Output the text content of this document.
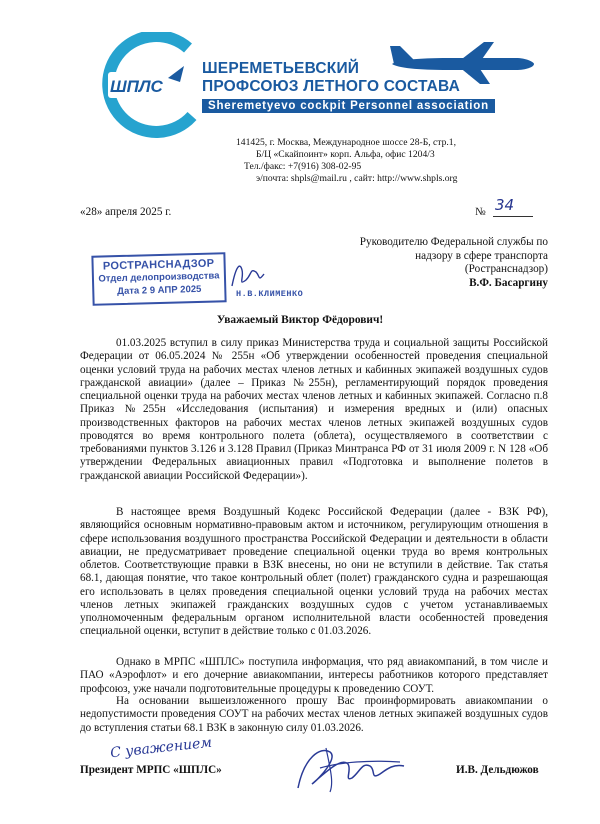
ШПЛС
ШЕРЕМЕТЬЕВСКИЙ
ПРОФСОЮЗ ЛЕТНОГО СОСТАВА
Sheremetyevo cockpit Personnel association
141425, г. Москва, Международное шоссе 28-Б, стр.1,
Б/Ц «Скайпоинт» корп. Альфа, офис 1204/3
Тел./факс: +7(916) 308-02-95
э/почта: shpls@mail.ru , сайт: http://www.shpls.org
«28» апреля 2025 г.	№ 34
Руководителю Федеральной службы по
надзору в сфере транспорта
(Ространснадзор)
В.Ф. Басаргину
РОСТРАНСНАДЗОР
Отдел делопроизводства
Дата 2 9 АПР 2025	Н.В.КЛИМЕНКО
Уважаемый Виктор Фёдорович!

01.03.2025 вступил в силу приказ Министерства труда и социальной защиты Российской Федерации от 06.05.2024 № 255н «Об утверждении особенностей проведения специальной оценки условий труда на рабочих местах членов летных и кабинных экипажей воздушных судов гражданской авиации» (далее – Приказ №255н), регламентирующий порядок проведения специальной оценки труда на рабочих местах членов летных и кабинных экипажей. Согласно п.8 Приказ №255н «Исследования (испытания) и измерения вредных и (или) опасных производственных факторов на рабочих местах членов летных экипажей воздушных судов проводятся во время контрольного полета (облета), осуществляемого в соответствии с требованиями пунктов 3.126 и 3.128 Правил (Приказ Минтранса РФ от 31 июля 2009 г. N 128 «Об утверждении Федеральных авиационных правил «Подготовка и выполнение полетов в гражданской авиации Российской Федерации»).

В настоящее время Воздушный Кодекс Российской Федерации (далее - ВЗК РФ), являющийся основным нормативно-правовым актом и источником, регулирующим отношения в сфере использования воздушного пространства Российской Федерации и деятельности в области авиации, не предусматривает проведение специальной оценки труда во время контрольных облетов. Соответствующие правки в ВЗК внесены, но они не вступили в действие. Так статья 68.1, дающая понятие, что такое контрольный облет (полет) гражданского судна и разрешающая его использовать в целях проведения специальной оценки условий труда на рабочих местах членов летных экипажей гражданских воздушных судов с учетом устанавливаемых уполномоченным федеральным органом исполнительной власти особенностей проведения специальной оценки, вступит в действие только с 01.03.2026.

Однако в МРПС «ШПЛС» поступила информация, что ряд авиакомпаний, в том числе и ПАО «Аэрофлот» и его дочерние авиакомпании, интересы работников которого представляет профсоюз, уже начали подготовительные процедуры к проведению СОУТ.

На основании вышеизложенного прошу Вас проинформировать авиакомпании о недопустимости проведения СОУТ на рабочих местах членов летных экипажей воздушных судов до вступления статьи 68.1 ВЗК в законную силу 01.03.2026.

С уважением
Президент МРПС «ШПЛС»	И.В. Дельдюжов
